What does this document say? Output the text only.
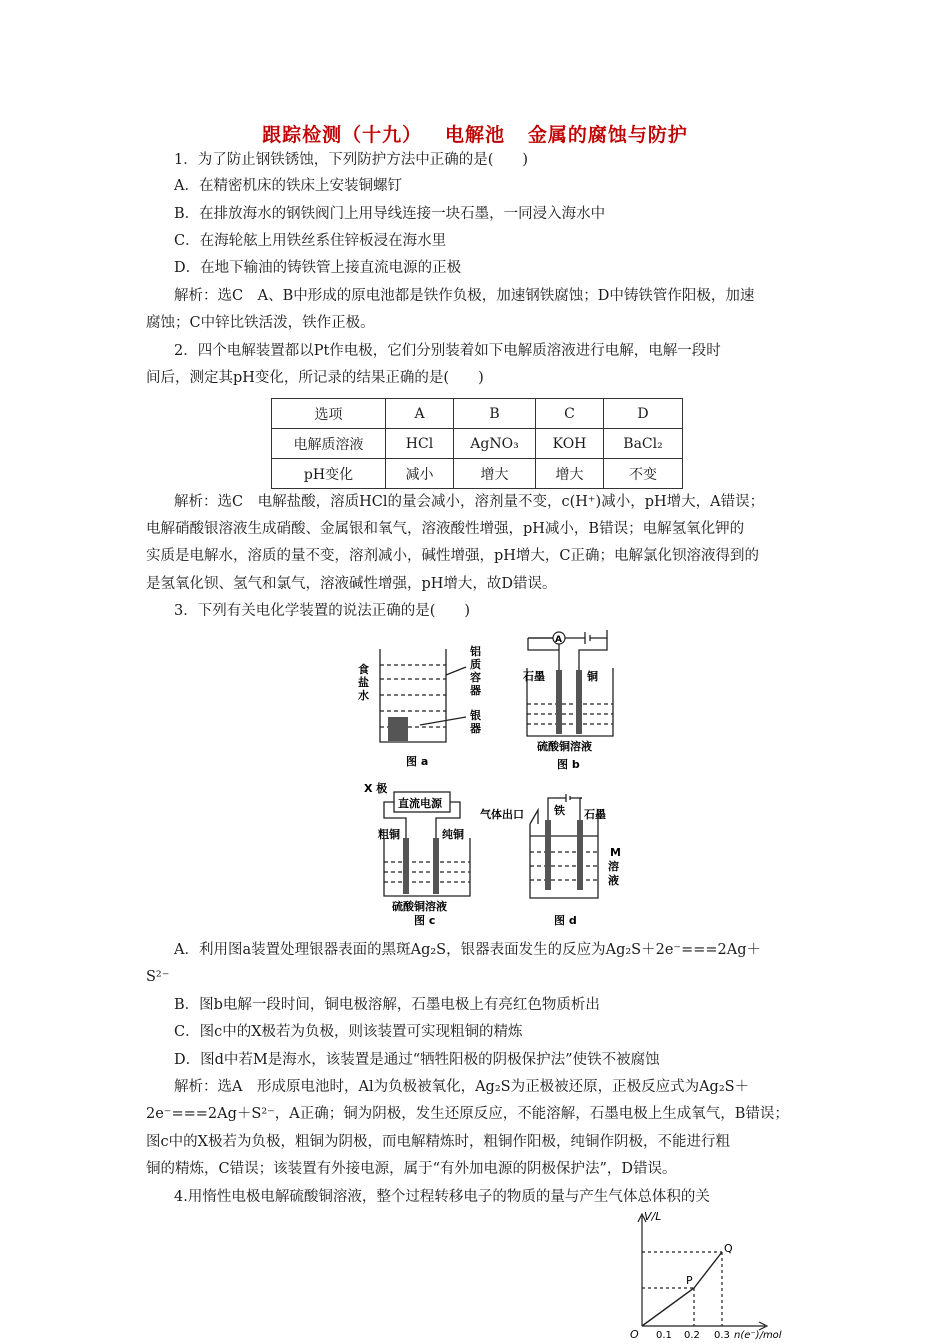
跟踪检测（十九）   电解池   金属的腐蚀与防护
1．为了防止钢铁锈蚀，下列防护方法中正确的是(　　)
A．在精密机床的铁床上安装铜螺钉
B．在排放海水的钢铁阀门上用导线连接一块石墨，一同浸入海水中
C．在海轮舷上用铁丝系住锌板浸在海水里
D．在地下输油的铸铁管上接直流电源的正极
解析：选C　A、B中形成的原电池都是铁作负极，加速钢铁腐蚀；D中铸铁管作阳极，加速
腐蚀；C中锌比铁活泼，铁作正极。
2．四个电解装置都以Pt作电极，它们分别装着如下电解质溶液进行电解，电解一段时
间后，测定其pH变化，所记录的结果正确的是(　　)
选项	A	B	C	D
电解质溶液	HCl	AgNO₃	KOH	BaCl₂
pH变化	减小	增大	增大	不变
解析：选C　电解盐酸，溶质HCl的量会减小，溶剂量不变，c(H⁺)减小，pH增大，A错误；
电解硝酸银溶液生成硝酸、金属银和氧气，溶液酸性增强，pH减小，B错误；电解氢氧化钾的
实质是电解水，溶质的量不变，溶剂减小，碱性增强，pH增大，C正确；电解氯化钡溶液得到的
是氢氧化钡、氢气和氯气，溶液碱性增强，pH增大，故D错误。
3．下列有关电化学装置的说法正确的是(　　)
食盐水
铝质容器
银器
图 a
A
石墨	铜
硫酸铜溶液
图 b
X 极
直流电源
粗铜	纯铜
硫酸铜溶液
图 c
气体出口	铁 石墨
M 溶液
图 d
A．利用图a装置处理银器表面的黑斑Ag₂S，银器表面发生的反应为Ag₂S＋2e⁻===2Ag＋
S²⁻
B．图b电解一段时间，铜电极溶解，石墨电极上有亮红色物质析出
C．图c中的X极若为负极，则该装置可实现粗铜的精炼
D．图d中若M是海水，该装置是通过“牺牲阳极的阴极保护法”使铁不被腐蚀
解析：选A　形成原电池时，Al为负极被氧化，Ag₂S为正极被还原，正极反应式为Ag₂S＋
2e⁻===2Ag＋S²⁻，A正确；铜为阴极，发生还原反应，不能溶解，石墨电极上生成氧气，B错误；
图c中的X极若为负极，粗铜为阴极，而电解精炼时，粗铜作阳极，纯铜作阴极，不能进行粗
铜的精炼，C错误；该装置有外接电源，属于“有外加电源的阴极保护法”，D错误。
4.用惰性电极电解硫酸铜溶液，整个过程转移电子的物质的量与产生气体总体积的关
V/L
O 0.1 0.2 0.3 n(e⁻)/mol
P
Q
